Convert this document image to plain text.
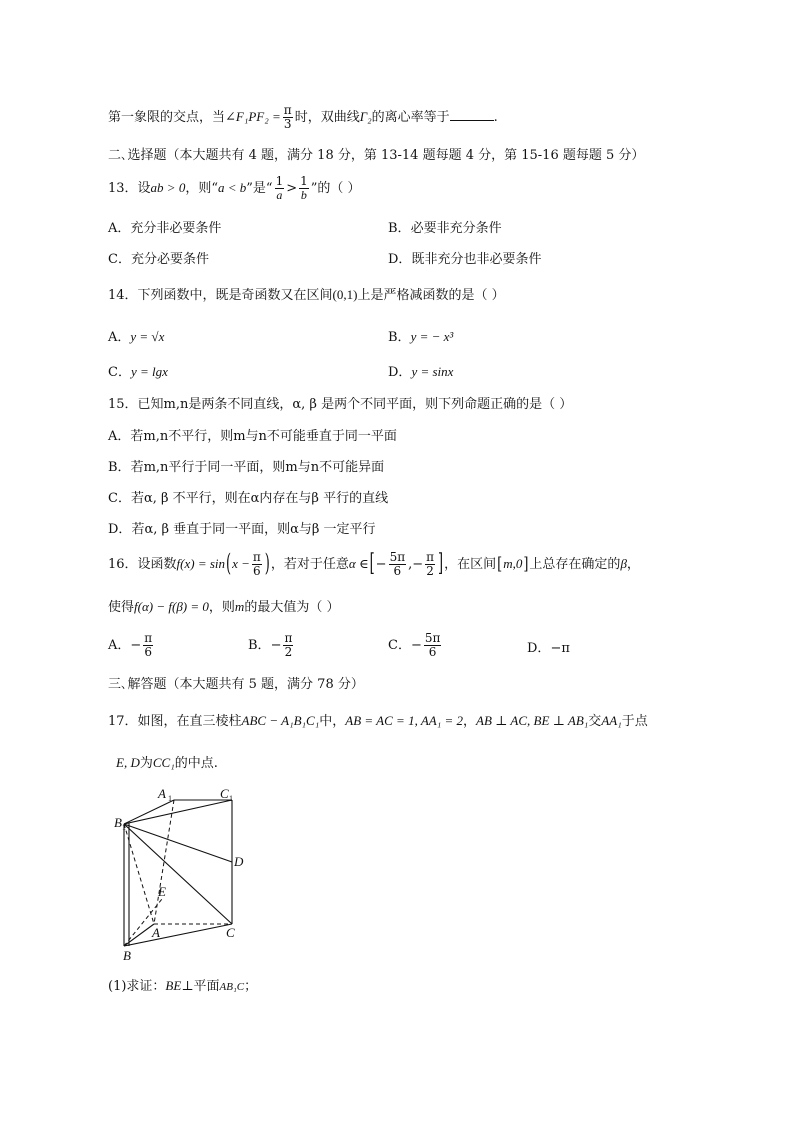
第一象限的交点，当∠F₁PF₂ = $\frac{\pi}{3}$ 时，双曲线Γ₂的离心率等于	.
二､选择题（本大题共有 4 题，满分 18 分，第 13-14 题每题 4 分，第 15-16 题每题 5 分）
13．设ab > 0，则“a < b”是“ $\frac{1}{a} > \frac{1}{b}$ ”的（ ）
A．充分非必要条件	B．必要非充分条件
C．充分必要条件	D．既非充分也非必要条件
14．下列函数中，既是奇函数又在区间(0,1)上是严格减函数的是（ ）
A．y = √x	B．y = − x³
C．y = lgx	D．y = sinx
15．已知m,n是两条不同直线，α, β 是两个不同平面，则下列命题正确的是（ ）
A．若m,n不平行，则m与n不可能垂直于同一平面
B．若m,n平行于同一平面，则m与n不可能异面
C．若α, β 不平行，则在α内存在与β 平行的直线
D．若α, β 垂直于同一平面，则α与β 一定平行
16．设函数$f(x) = \sin(x - \frac{\pi}{6}$ )，若对于任意α ∈[− $\frac{5\pi}{6}$ ,− $\frac{\pi}{2}$ ]，在区间[m,0]上总存在确定的β，
使得f(α) − f(β) = 0，则m的最大值为（ ）
A．− $\frac{\pi}{6}$	B．− $\frac{\pi}{2}$	C．− $\frac{5\pi}{6}$	D．−π
三､解答题（本大题共有 5 题，满分 78 分）
17．如图，在直三棱柱ABC − A₁B₁C₁中，AB = AC = 1, AA₁ = 2，AB ⊥ AC, BE ⊥ AB₁交AA₁于点
E, D为CC₁的中点.
A 1	C 1
B 1
D
E
A	C
B
(1)求证：BE⊥平面AB₁C；
